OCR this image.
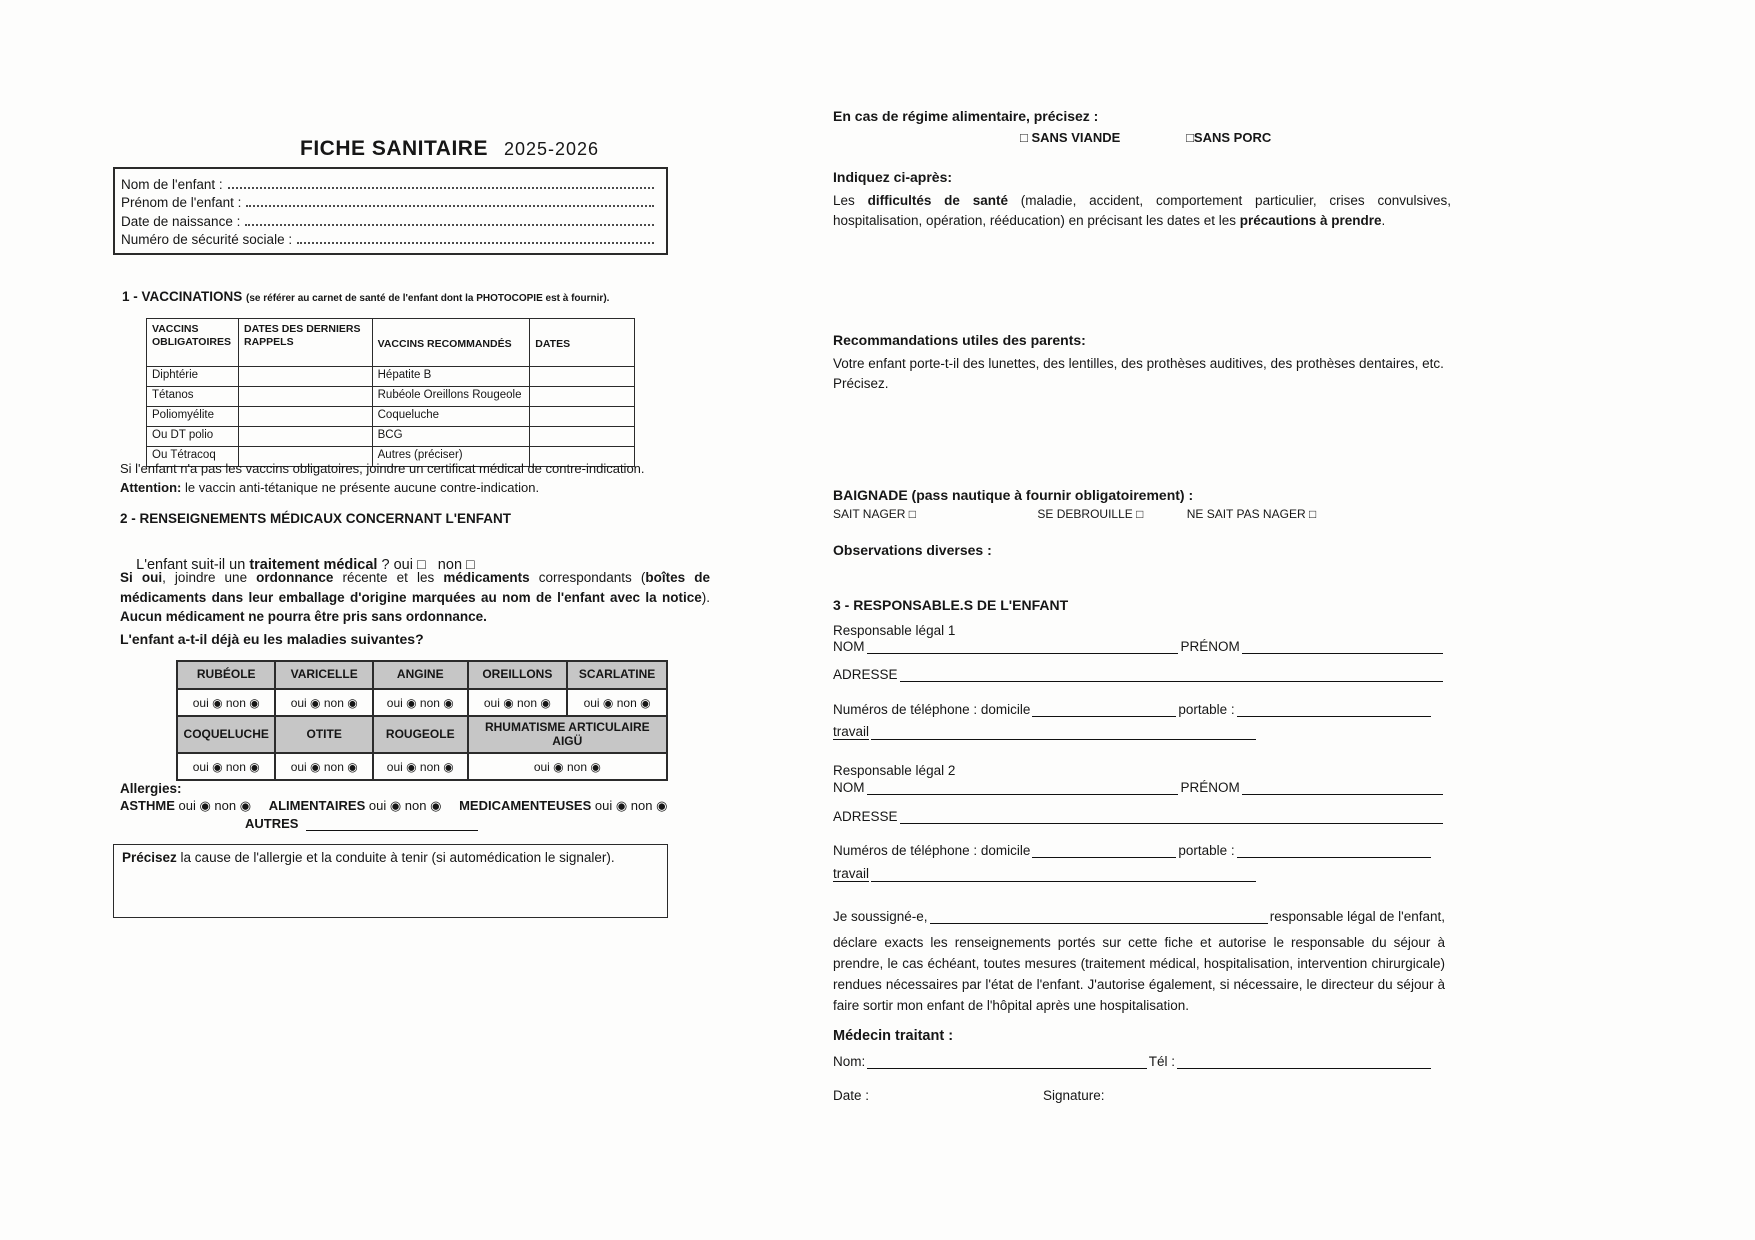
FICHE SANITAIRE 2025-2026
Nom de l'enfant :
Prénom de l'enfant :
Date de naissance :
Numéro de sécurité sociale :
1 - VACCINATIONS (se référer au carnet de santé de l'enfant dont la PHOTOCOPIE est à fournir).
VACCINS OBLIGATOIRES	DATES DES DERNIERS RAPPELS	VACCINS RECOMMANDÉS	DATES
Diphtérie		Hépatite B	
Tétanos		Rubéole Oreillons Rougeole	
Poliomyélite		Coqueluche	
Ou DT polio		BCG	
Ou Tétracoq		Autres (préciser)	
Si l'enfant n'a pas les vaccins obligatoires, joindre un certificat médical de contre-indication.
Attention: le vaccin anti-tétanique ne présente aucune contre-indication.
2 - RENSEIGNEMENTS MÉDICAUX CONCERNANT L'ENFANT

L'enfant suit-il un traitement médical ? oui □   non □

Si oui, joindre une ordonnance récente et les médicaments correspondants (boîtes de médicaments dans leur emballage d'origine marquées au nom de l'enfant avec la notice). Aucun médicament ne pourra être pris sans ordonnance.
L'enfant a-t-il déjà eu les maladies suivantes?
RUBÉOLE	VARICELLE	ANGINE	OREILLONS	SCARLATINE
oui ◉ non ◉	oui ◉ non ◉	oui ◉ non ◉	oui ◉ non ◉	oui ◉ non ◉
COQUELUCHE	OTITE	ROUGEOLE	RHUMATISME ARTICULAIRE AIGÜ	
oui ◉ non ◉	oui ◉ non ◉	oui ◉ non ◉	oui ◉ non ◉	
Allergies:
ASTHME oui ◉ non ◉ ALIMENTAIRES oui ◉ non ◉ MEDICAMENTEUSES oui ◉ non ◉
AUTRES
Précisez la cause de l'allergie et la conduite à tenir (si automédication le signaler).
En cas de régime alimentaire, précisez :
□ SANS VIANDE	□SANS PORC
Indiquez ci-après:
Les difficultés de santé (maladie, accident, comportement particulier, crises convulsives, hospitalisation, opération, rééducation) en précisant les dates et les précautions à prendre.
Recommandations utiles des parents:
Votre enfant porte-t-il des lunettes, des lentilles, des prothèses auditives, des prothèses dentaires, etc.
Précisez.
BAIGNADE (pass nautique à fournir obligatoirement) :
SAIT NAGER □	SE DEBROUILLE □	NE SAIT PAS NAGER □
Observations diverses :
3 - RESPONSABLE.S DE L'ENFANT
Responsable légal 1
NOM	PRÉNOM
ADRESSE
Numéros de téléphone : domicile	portable :
travail
Responsable légal 2
NOM	PRÉNOM
ADRESSE
Numéros de téléphone : domicile	portable :
travail
Je soussigné-e,	responsable légal de l'enfant,
déclare exacts les renseignements portés sur cette fiche et autorise le responsable du séjour à prendre, le cas échéant, toutes mesures (traitement médical, hospitalisation, intervention chirurgicale) rendues nécessaires par l'état de l'enfant. J'autorise également, si nécessaire, le directeur du séjour à faire sortir mon enfant de l'hôpital après une hospitalisation.
Médecin traitant :
Nom:	Tél :
Date :	Signature:
